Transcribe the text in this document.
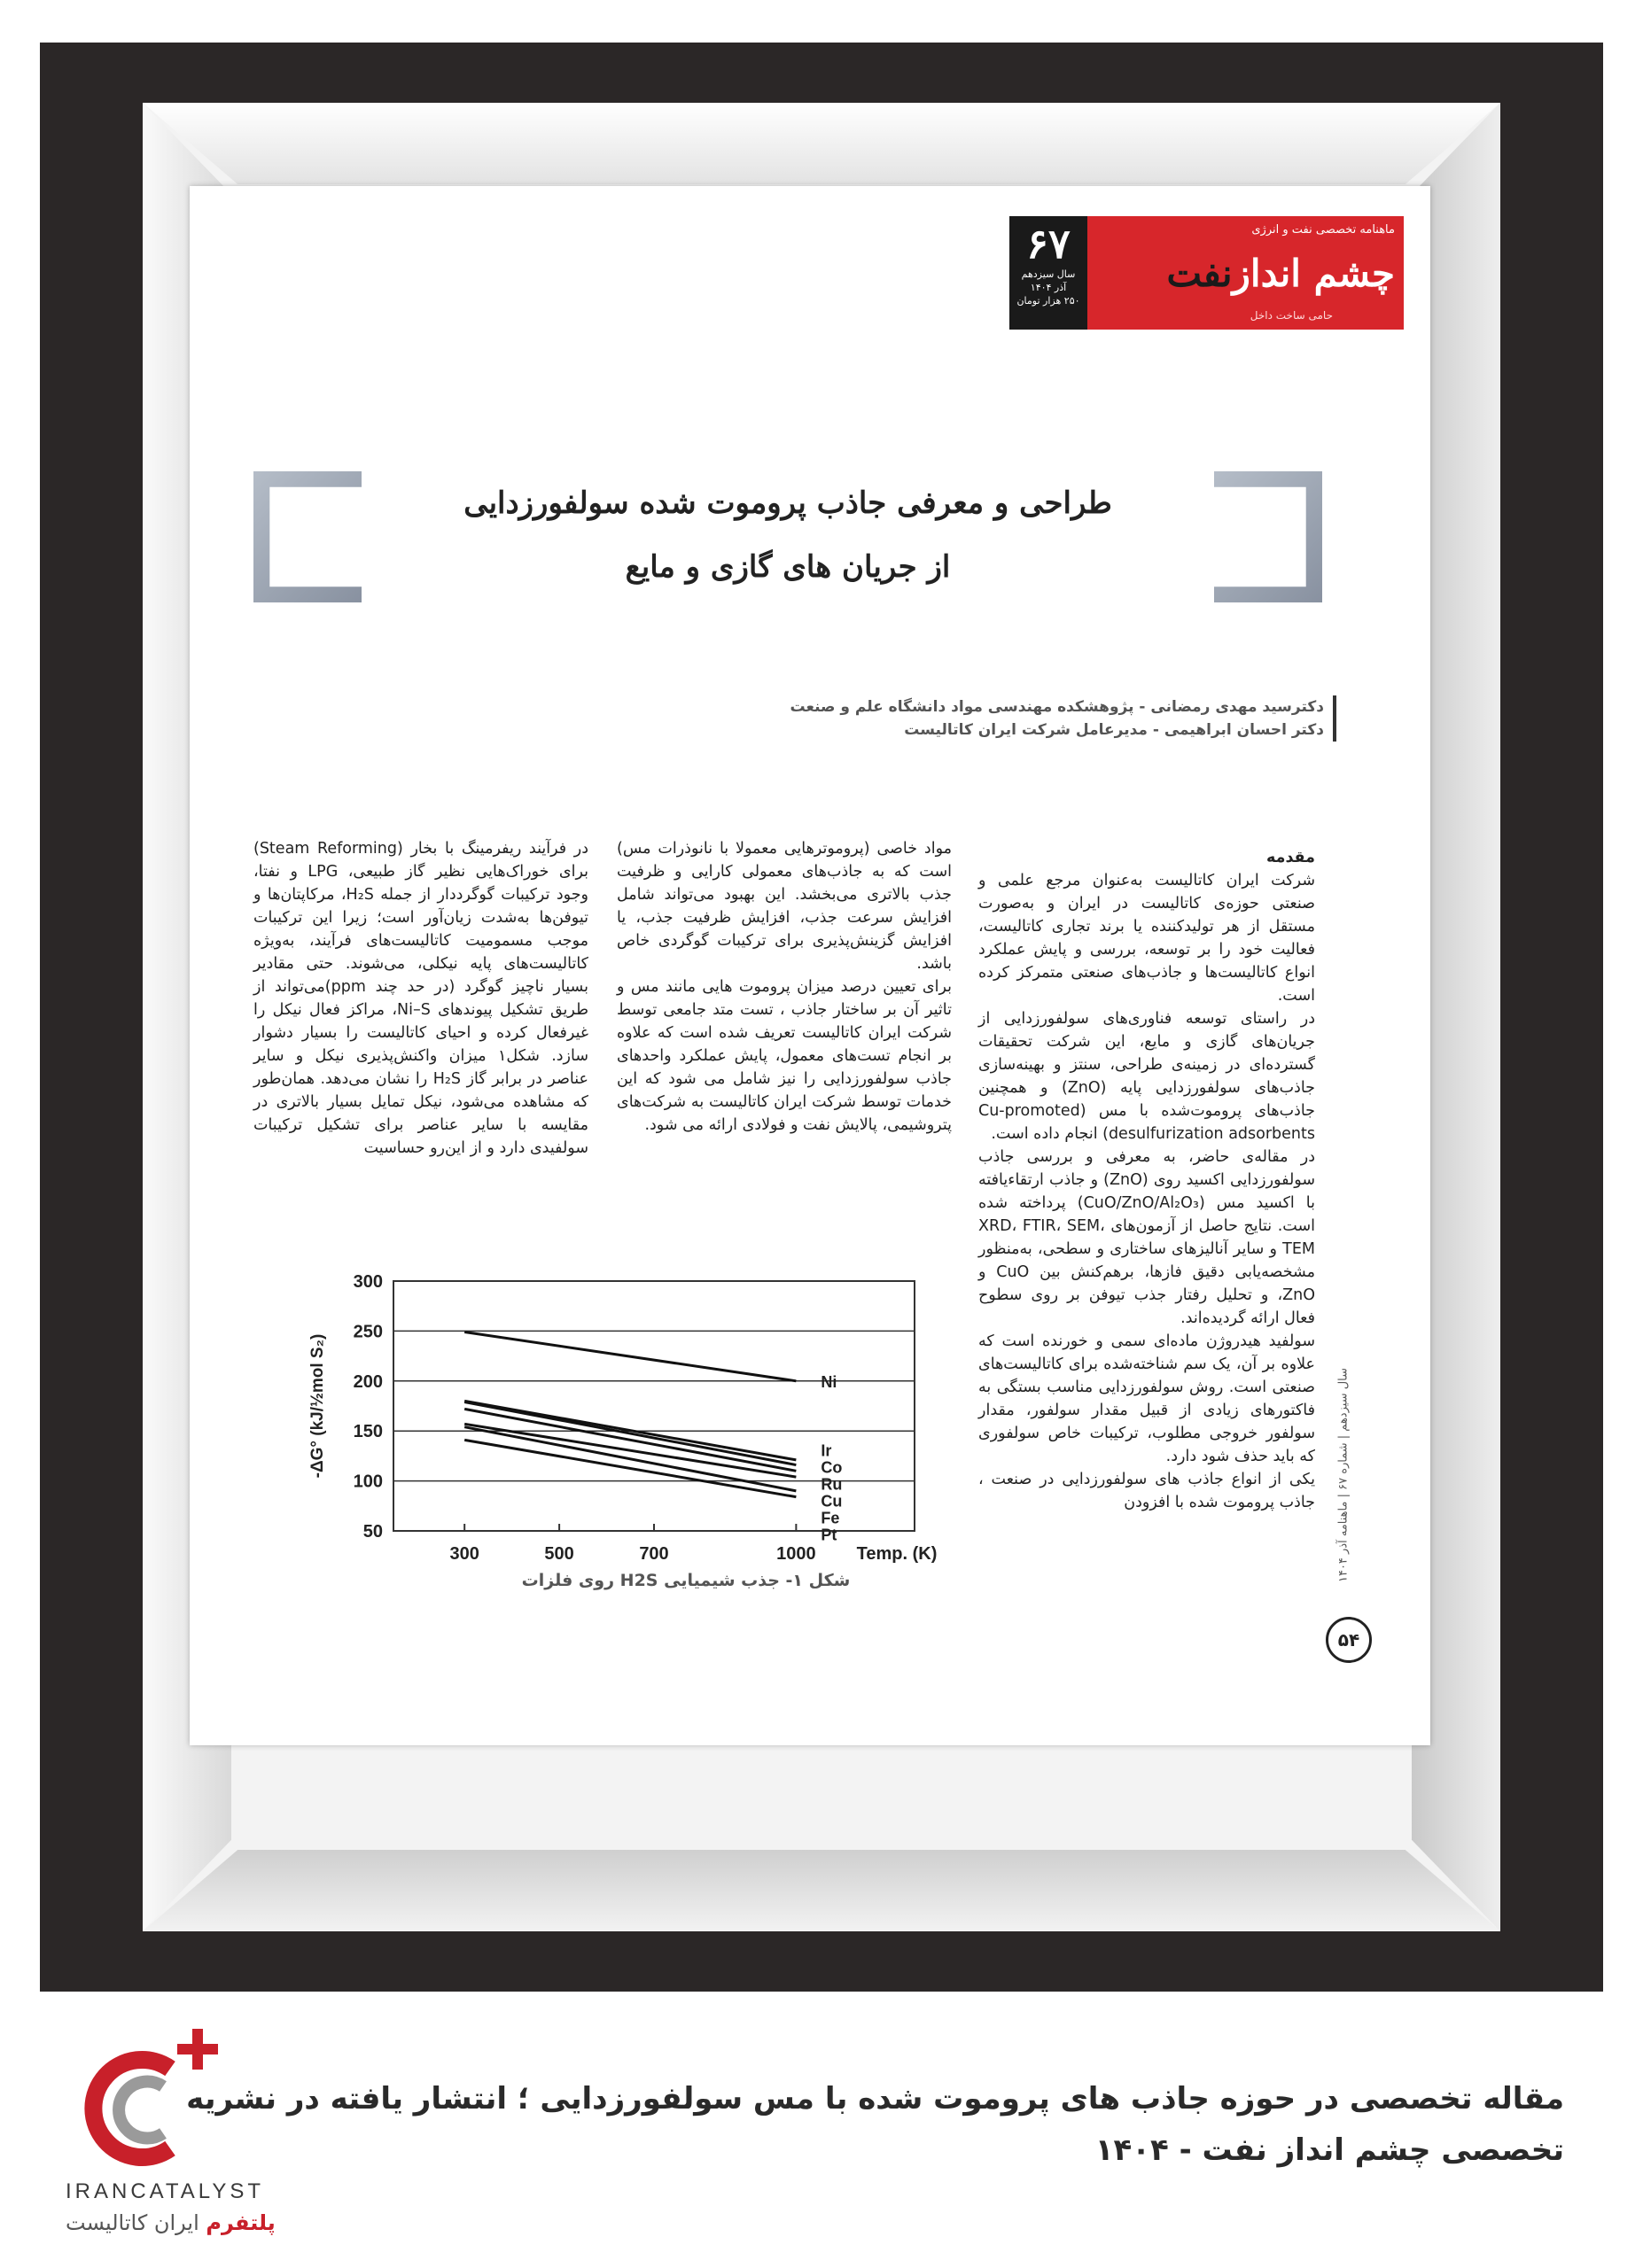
ماهنامه تخصصی نفت و انرژی
چشم اندازنفت
حامی ساخت داخل
۶۷
سال سیزدهم
آذر ۱۴۰۴
۲۵۰ هزار تومان
طراحی و معرفی جاذب پروموت شده سولفورزدایی
از جریان های گازی و مایع
دکترسید مهدی رمضانی - پژوهشکده مهندسی مواد دانشگاه علم و صنعت
دکتر احسان ابراهیمی - مدیرعامل شرکت ایران کاتالیست

مقدمه

شرکت ایران کاتالیست به‌عنوان مرجع علمی و صنعتی حوزه‌ی کاتالیست در ایران و به‌صورت مستقل از هر تولیدکننده یا برند تجاری کاتالیست، فعالیت خود را بر توسعه، بررسی و پایش عملکرد انواع کاتالیست‌ها و جاذب‌های صنعتی متمرکز کرده است.

در راستای توسعه فناوری‌های سولفورزدایی از جریان‌های گازی و مایع، این شرکت تحقیقات گسترده‌ای در زمینه‌ی طراحی، سنتز و بهینه‌سازی جاذب‌های سولفورزدایی پایه (ZnO) و همچنین جاذب‌های پروموت‌شده با مس (Cu-promoted desulfurization adsorbents) انجام داده است.

در مقاله‌ی حاضر، به معرفی و بررسی جاذب سولفورزدایی اکسید روی (ZnO) و جاذب ارتقاءیافته با اکسید مس (CuO/ZnO/Al₂O₃) پرداخته شده است. نتایج حاصل از آزمون‌های XRD، FTIR، SEM، TEM و سایر آنالیزهای ساختاری و سطحی، به‌منظور مشخصه‌یابی دقیق فازها، برهم‌کنش بین CuO و ZnO، و تحلیل رفتار جذب تیوفن بر روی سطوح فعال ارائه گردیده‌اند.

سولفید هیدروژن ماده‌ای سمی و خورنده است که علاوه بر آن، یک سم شناخته‌شده برای کاتالیست‌های صنعتی است. روش سولفورزدایی مناسب بستگی به فاکتورهای زیادی از قبیل مقدار سولفور، مقدار سولفور خروجی مطلوب، ترکیبات خاص سولفوری که باید حذف شود دارد.

یکی از انواع جاذب های سولفورزدایی در صنعت ، جاذب پروموت شده با افزودن

مواد خاصی (پروموترهایی معمولا با نانوذرات مس) است که به جاذب‌های معمولی کارایی و ظرفیت جذب بالاتری می‌بخشد. این بهبود می‌تواند شامل افزایش سرعت جذب، افزایش ظرفیت جذب، یا افزایش گزینش‌پذیری برای ترکیبات گوگردی خاص باشد.

برای تعیین درصد میزان پروموت هایی مانند مس و تاثیر آن بر ساختار جاذب ، تست متد جامعی توسط شرکت ایران کاتالیست تعریف شده است که علاوه بر انجام تست‌های معمول، پایش عملکرد واحدهای جاذب سولفورزدایی را نیز شامل می شود که این خدمات توسط شرکت ایران کاتالیست به شرکت‌های پتروشیمی، پالایش نفت و فولادی ارائه می شود.

در فرآیند ریفرمینگ با بخار (Steam Reforming) برای خوراک‌هایی نظیر گاز طبیعی، LPG و نفتا، وجود ترکیبات گوگرددار از جمله H₂S، مرکاپتان‌ها و تیوفن‌ها به‌شدت زیان‌آور است؛ زیرا این ترکیبات موجب مسمومیت کاتالیست‌های فرآیند، به‌ویژه کاتالیست‌های پایه نیکلی، می‌شوند. حتی مقادیر بسیار ناچیز گوگرد (در حد چند ppm)می‌تواند از طریق تشکیل پیوندهای Ni–S، مراکز فعال نیکل را غیرفعال کرده و احیای کاتالیست را بسیار دشوار سازد. شکل۱ میزان واکنش‌پذیری نیکل و سایر عناصر در برابر گاز H₂S را نشان می‌دهد. همان‌طور که مشاهده می‌شود، نیکل تمایل بسیار بالاتری در مقایسه با سایر عناصر برای تشکیل ترکیبات سولفیدی دارد و از این‌رو حساسیت

سال سیزدهم | شماره ۶۷ | ماهنامه آذر ۱۴۰۴
۵۴
50
100
150
200
250
300
300	500	700	1000 Temp. (K)
-ΔG° (kJ/½mol S₂)	Ni
Ir
Co
Ru
Cu
Fe
Pt
شکل ۱- جذب شیمیایی H2S روی فلزات
IRANCATALYST
پلتفرم ایران کاتالیست
مقاله تخصصی در حوزه جاذب های پروموت شده با مس سولفورزدایی ؛ انتشار یافته در نشریه
تخصصی چشم انداز نفت - ۱۴۰۴
